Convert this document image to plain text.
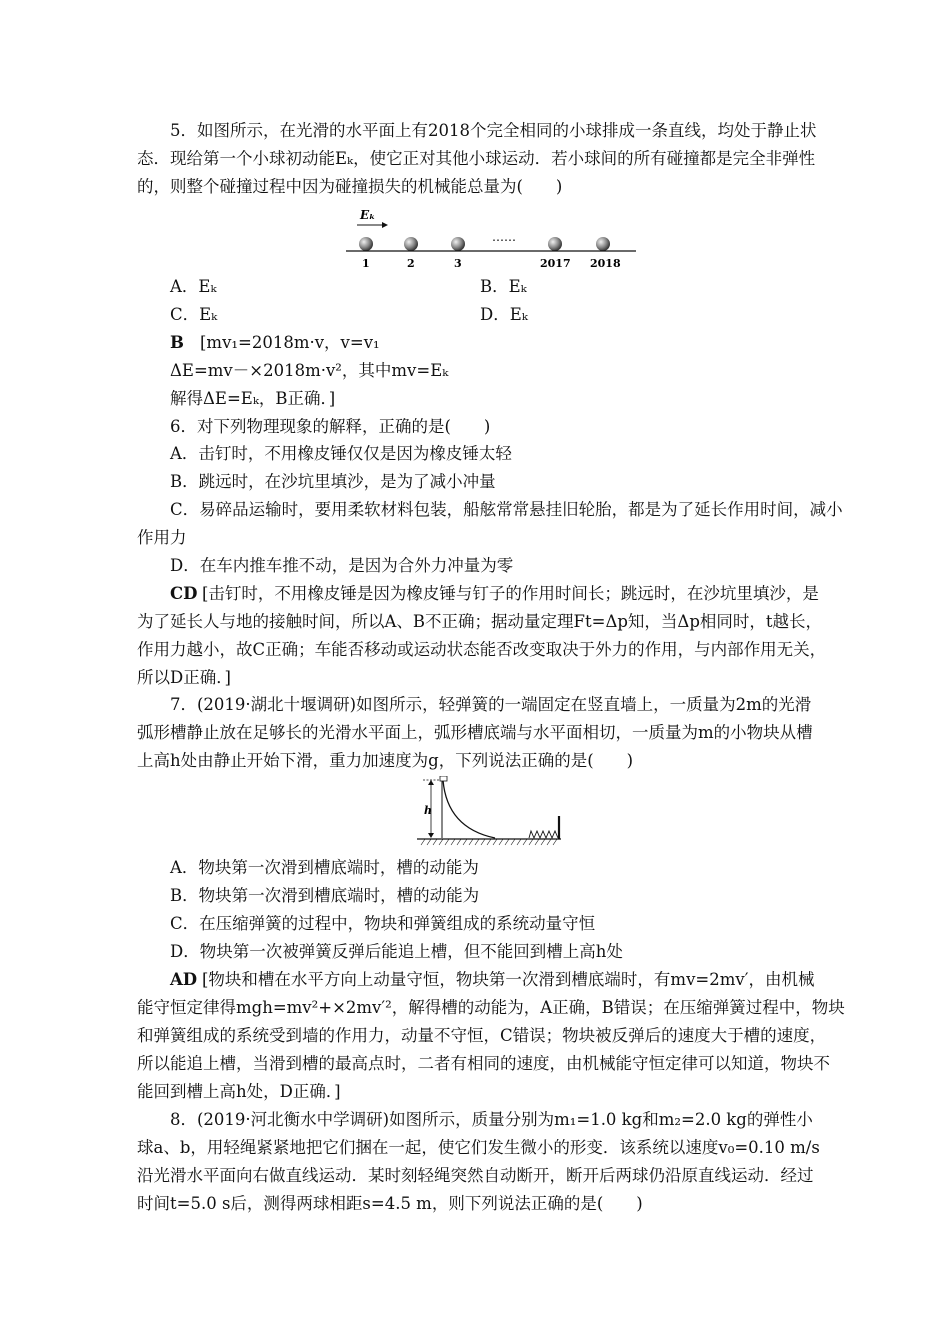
5．如图所示，在光滑的水平面上有2018个完全相同的小球排成一条直线，均处于静止状
态．现给第一个小球初动能Eₖ，使它正对其他小球运动．若小球间的所有碰撞都是完全非弹性
的，则整个碰撞过程中因为碰撞损失的机械能总量为(　　)
Eₖ
……
1	2	3	2017 2018
A．Eₖ	B．Eₖ
C．Eₖ	D．Eₖ
B [mv₁=2018m·v，v=v₁
ΔE=mv－×2018m·v²，其中mv=Eₖ
解得ΔE=Eₖ，B正确．]
6．对下列物理现象的解释，正确的是(　　)
A．击钉时，不用橡皮锤仅仅是因为橡皮锤太轻
B．跳远时，在沙坑里填沙，是为了减小冲量
C．易碎品运输时，要用柔软材料包装，船舷常常悬挂旧轮胎，都是为了延长作用时间，减小
作用力
D．在车内推车推不动，是因为合外力冲量为零
CD [击钉时，不用橡皮锤是因为橡皮锤与钉子的作用时间长；跳远时，在沙坑里填沙，是
为了延长人与地的接触时间，所以A、B不正确；据动量定理Ft=Δp知，当Δp相同时，t越长，
作用力越小，故C正确；车能否移动或运动状态能否改变取决于外力的作用，与内部作用无关，
所以D正确．]
7．(2019·湖北十堰调研)如图所示，轻弹簧的一端固定在竖直墙上，一质量为2m的光滑
弧形槽静止放在足够长的光滑水平面上，弧形槽底端与水平面相切，一质量为m的小物块从槽
上高h处由静止开始下滑，重力加速度为g，下列说法正确的是(　　)
h
A．物块第一次滑到槽底端时，槽的动能为
B．物块第一次滑到槽底端时，槽的动能为
C．在压缩弹簧的过程中，物块和弹簧组成的系统动量守恒
D．物块第一次被弹簧反弹后能追上槽，但不能回到槽上高h处
AD [物块和槽在水平方向上动量守恒，物块第一次滑到槽底端时，有mv=2mv′，由机械
能守恒定律得mgh=mv²+×2mv′²，解得槽的动能为，A正确，B错误；在压缩弹簧过程中，物块
和弹簧组成的系统受到墙的作用力，动量不守恒，C错误；物块被反弹后的速度大于槽的速度，
所以能追上槽，当滑到槽的最高点时，二者有相同的速度，由机械能守恒定律可以知道，物块不
能回到槽上高h处，D正确．]
8．(2019·河北衡水中学调研)如图所示，质量分别为m₁=1.0 kg和m₂=2.0 kg的弹性小
球a、b，用轻绳紧紧地把它们捆在一起，使它们发生微小的形变．该系统以速度v₀=0.10 m/s
沿光滑水平面向右做直线运动．某时刻轻绳突然自动断开，断开后两球仍沿原直线运动．经过
时间t=5.0 s后，测得两球相距s=4.5 m，则下列说法正确的是(　　)
